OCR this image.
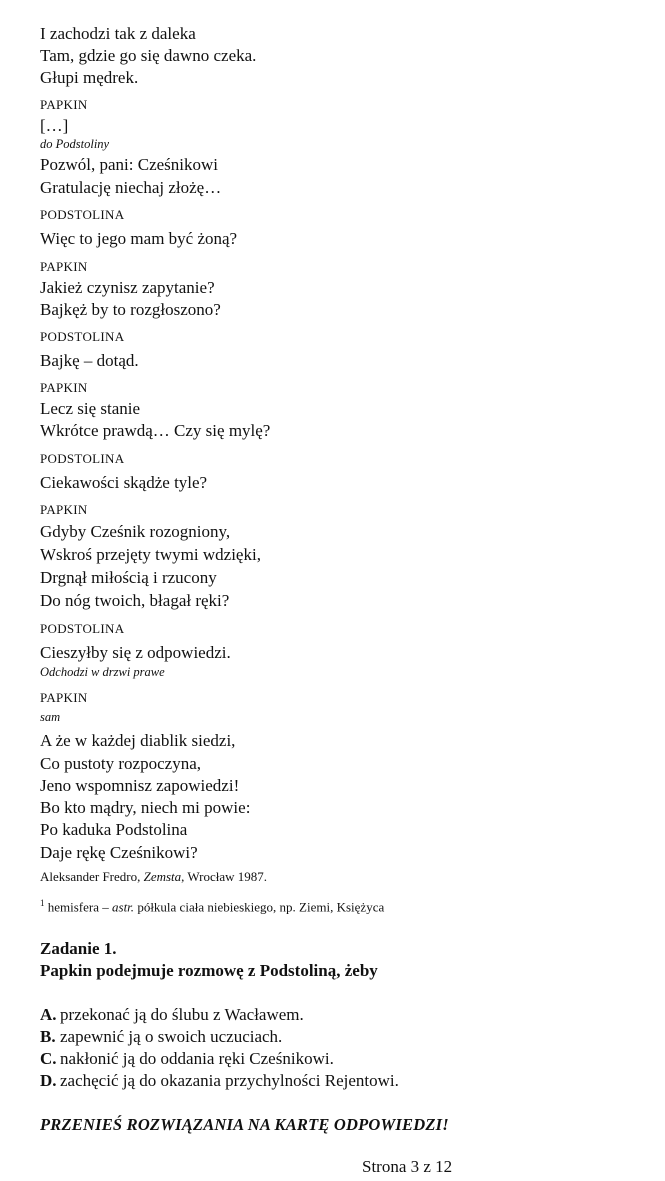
I zachodzi tak z daleka
Tam, gdzie go się dawno czeka.
Głupi mędrek.
PAPKIN
[…]
do Podstoliny
Pozwól, pani: Cześnikowi
Gratulację niechaj złożę…
PODSTOLINA
Więc to jego mam być żoną?
PAPKIN
Jakież czynisz zapytanie?
Bajkęż by to rozgłoszono?
PODSTOLINA
Bajkę – dotąd.
PAPKIN
Lecz się stanie
Wkrótce prawdą… Czy się mylę?
PODSTOLINA
Ciekawości skądże tyle?
PAPKIN
Gdyby Cześnik rozogniony,
Wskroś przejęty twymi wdzięki,
Drgnął miłością i rzucony
Do nóg twoich, błagał ręki?
PODSTOLINA
Cieszyłby się z odpowiedzi.
Odchodzi w drzwi prawe
PAPKIN
sam
A że w każdej diablik siedzi,
Co pustoty rozpoczyna,
Jeno wspomnisz zapowiedzi!
Bo kto mądry, niech mi powie:
Po kaduka Podstolina
Daje rękę Cześnikowi?
Aleksander Fredro, Zemsta, Wrocław 1987.
$^1$ hemisfera – astr. półkula ciała niebieskiego, np. Ziemi, Księżyca
Zadanie 1.
Papkin podejmuje rozmowę z Podstoliną, żeby
A. przekonać ją do ślubu z Wacławem.
B. zapewnić ją o swoich uczuciach.
C. nakłonić ją do oddania ręki Cześnikowi.
D. zachęcić ją do okazania przychylności Rejentowi.
PRZENIEŚ ROZWIĄZANIA NA KARTĘ ODPOWIEDZI!
Strona 3 z 12
